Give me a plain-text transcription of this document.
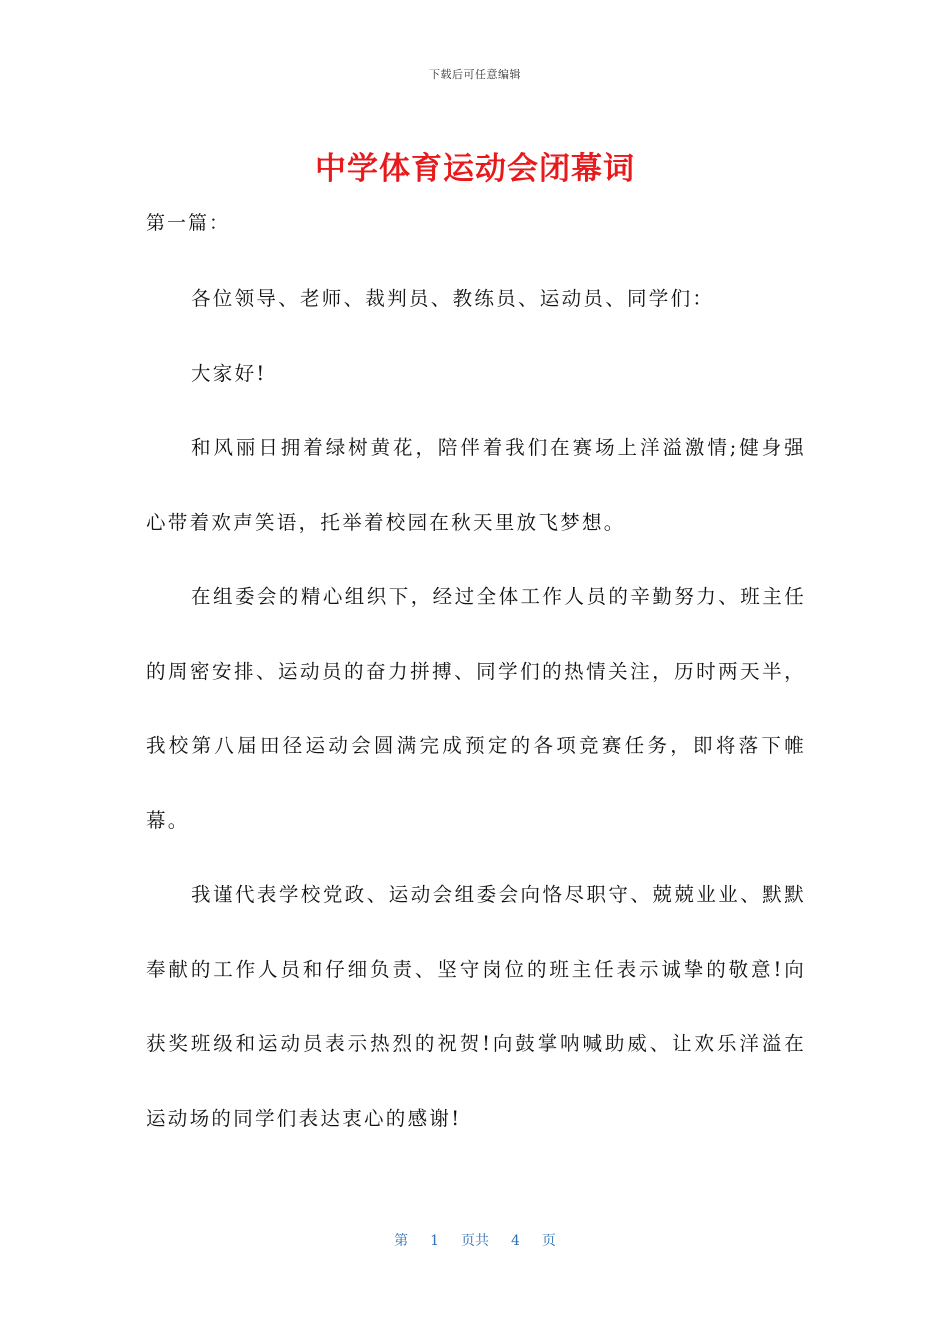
下载后可任意编辑
中学体育运动会闭幕词
第一篇：

各位领导、老师、裁判员、教练员、运动员、同学们：

大家好!

和风丽日拥着绿树黄花，陪伴着我们在赛场上洋溢激情;健身强心带着欢声笑语，托举着校园在秋天里放飞梦想。

在组委会的精心组织下，经过全体工作人员的辛勤努力、班主任的周密安排、运动员的奋力拼搏、同学们的热情关注，历时两天半，我校第八届田径运动会圆满完成预定的各项竞赛任务，即将落下帷幕。

我谨代表学校党政、运动会组委会向恪尽职守、兢兢业业、默默奉献的工作人员和仔细负责、坚守岗位的班主任表示诚挚的敬意!向获奖班级和运动员表示热烈的祝贺!向鼓掌呐喊助威、让欢乐洋溢在运动场的同学们表达衷心的感谢!

第 1 页共 4 页
